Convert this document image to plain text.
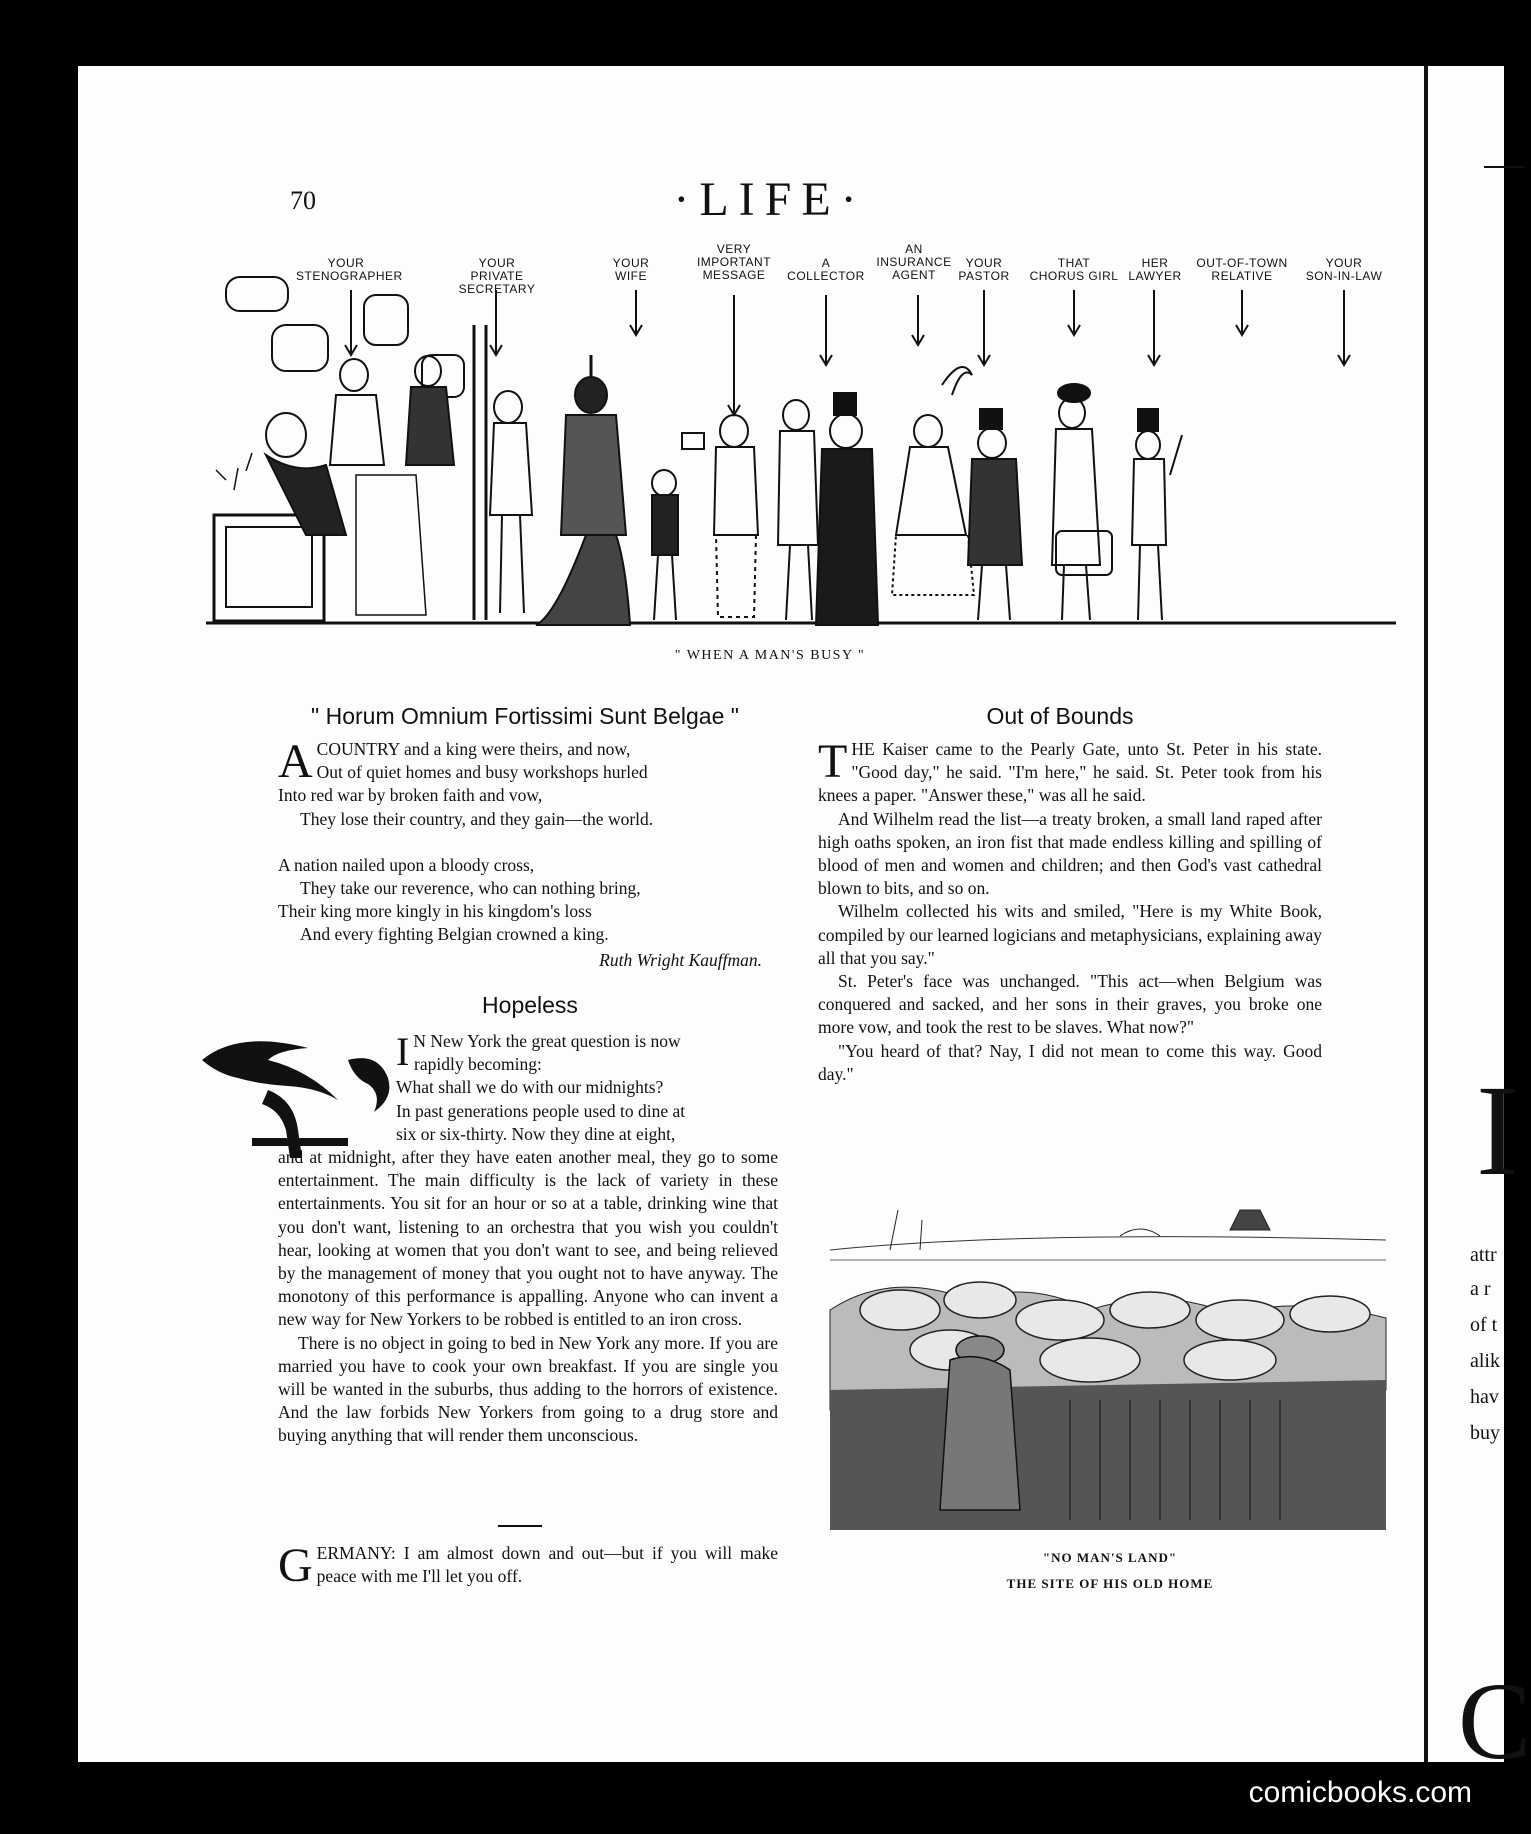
I
attr
a r
of t
alik
hav
buy
C
70	·LIFE·
YOUR
STENOGRAPHER
YOUR
PRIVATE SECRETARY
YOUR
WIFE
VERY
IMPORTANT
MESSAGE
A
COLLECTOR
AN
INSURANCE
AGENT
YOUR
PASTOR
THAT
CHORUS GIRL
HER
LAWYER
OUT-OF-TOWN
RELATIVE
YOUR
SON-IN-LAW
" WHEN A MAN'S BUSY "
" Horum Omnium Fortissimi Sunt Belgae "
A COUNTRY and a king were theirs, and now,
Out of quiet homes and busy workshops hurled
Into red war by broken faith and vow,
They lose their country, and they gain—the world.
A nation nailed upon a bloody cross,
They take our reverence, who can nothing bring,
Their king more kingly in his kingdom's loss
And every fighting Belgian crowned a king.
Ruth Wright Kauffman.
Hopeless
I N New York the great question is now
rapidly becoming:
What shall we do with our midnights?
In past generations people used to dine at
six or six-thirty. Now they dine at eight,

and at midnight, after they have eaten another meal, they go to some entertainment. The main difficulty is the lack of variety in these entertainments. You sit for an hour or so at a table, drinking wine that you don't want, listening to an orchestra that you wish you couldn't hear, looking at women that you don't want to see, and being relieved by the management of money that you ought not to have anyway. The monotony of this performance is appalling. Anyone who can invent a new way for New Yorkers to be robbed is entitled to an iron cross.

There is no object in going to bed in New York any more. If you are married you have to cook your own breakfast. If you are single you will be wanted in the suburbs, thus adding to the horrors of existence. And the law forbids New Yorkers from going to a drug store and buying anything that will render them unconscious.

G ERMANY: I am almost down and out—but if you will make peace with me I'll let you off.

Out of Bounds
T HE Kaiser came to the Pearly Gate, unto St. Peter in his state. "Good day," he said. "I'm here," he said. St. Peter took from his knees a paper. "Answer these," was all he said.

And Wilhelm read the list—a treaty broken, a small land raped after high oaths spoken, an iron fist that made endless killing and spilling of blood of men and women and children; and then God's vast cathedral blown to bits, and so on.

Wilhelm collected his wits and smiled, "Here is my White Book, compiled by our learned logicians and metaphysicians, explaining away all that you say."

St. Peter's face was unchanged. "This act—when Belgium was conquered and sacked, and her sons in their graves, you broke one more vow, and took the rest to be slaves. What now?"

"You heard of that? Nay, I did not mean to come this way. Good day."

"NO MAN'S LAND"
THE SITE OF HIS OLD HOME
comicbooks.com
